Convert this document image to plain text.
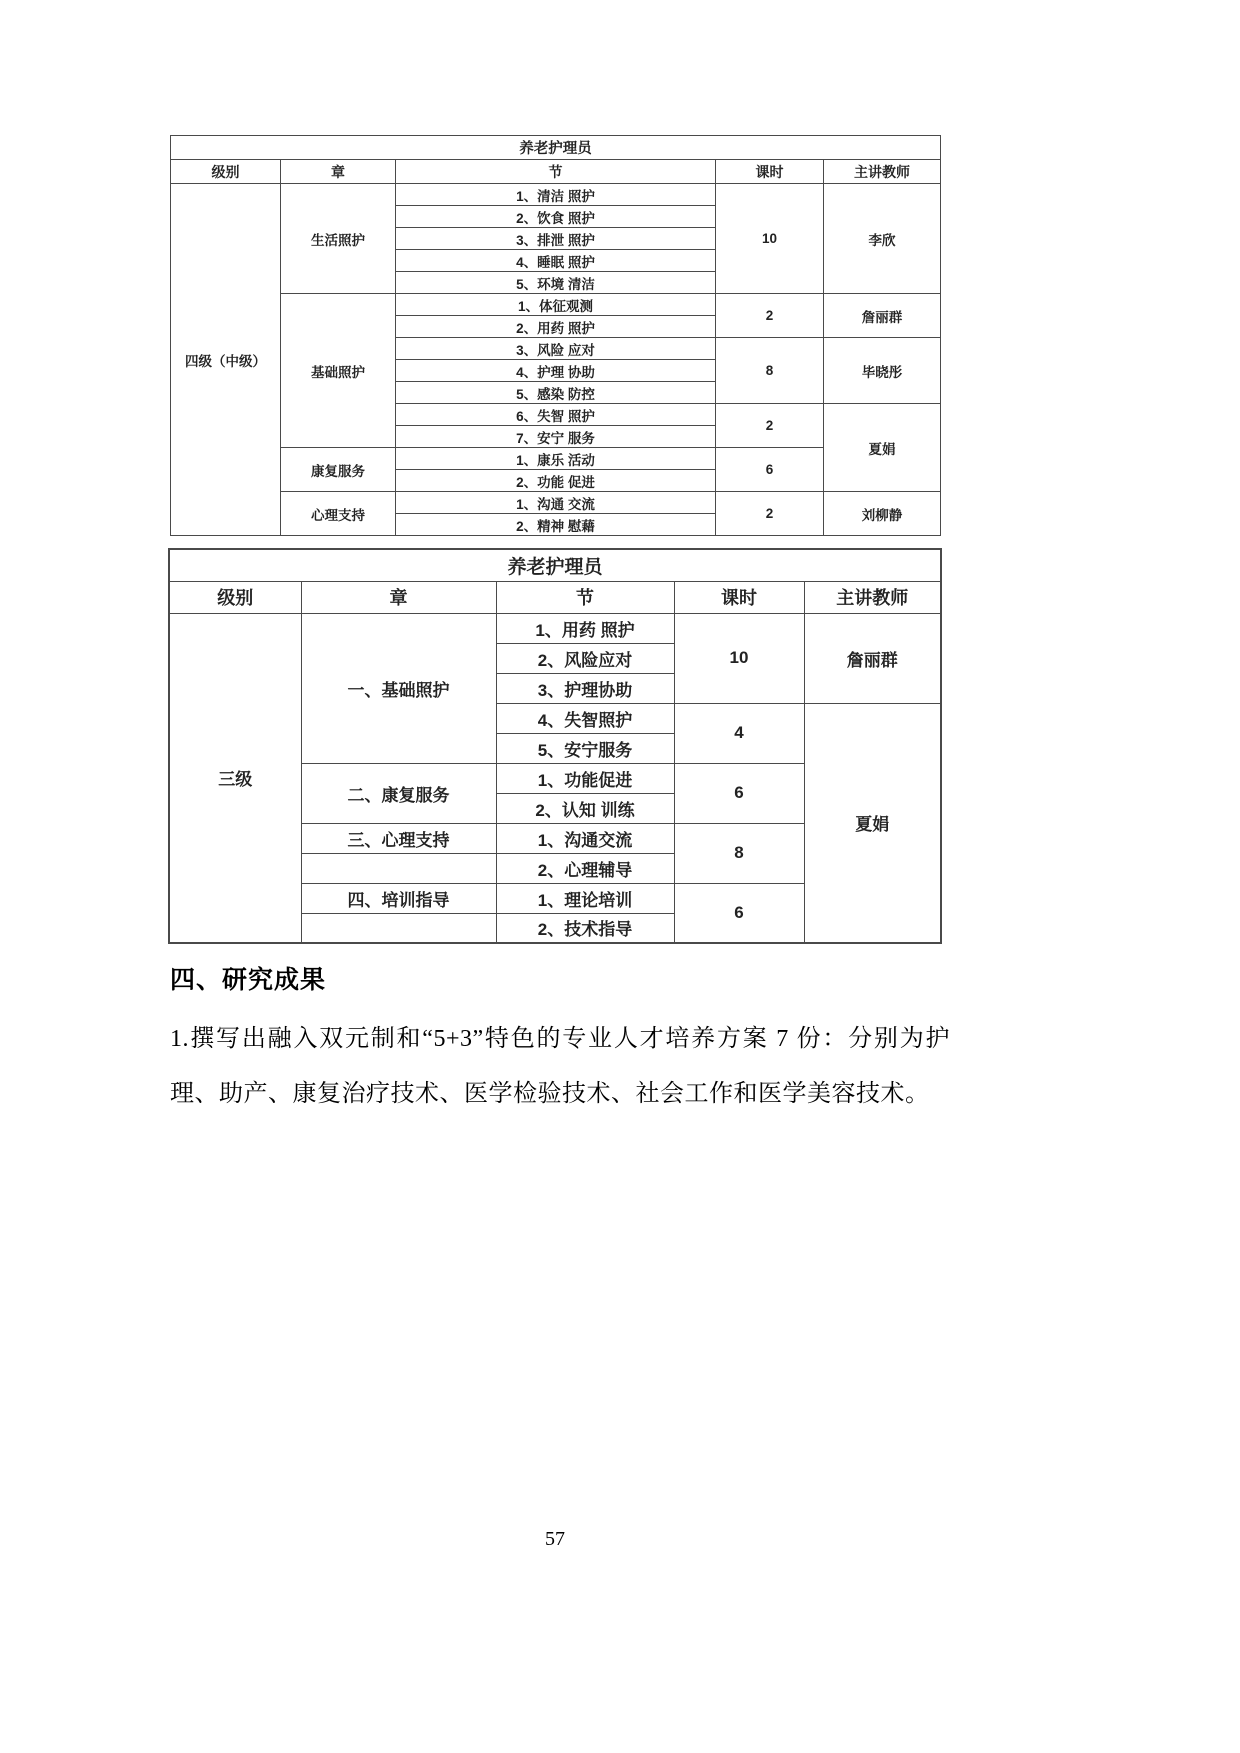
养老护理员				
级别	章	节	课时	主讲教师
四级（中级）	生活照护	1、清洁 照护	10	李欣
		2、饮食 照护		
		3、排泄 照护		
		4、睡眠 照护		
		5、环境 清洁		
	基础照护	1、体征观测	2	詹丽群
		2、用药 照护		
		3、风险 应对	8	毕晓彤
		4、护理 协助		
		5、感染 防控		
		6、失智 照护	2	夏娟
		7、安宁 服务		
	康复服务	1、康乐 活动	6	
		2、功能 促进		
	心理支持	1、沟通 交流	2	刘柳静
		2、精神 慰藉		
养老护理员				
级别	章	节	课时	主讲教师
三级	一、基础照护	1、用药 照护	10	詹丽群
		2、风险应对		
		3、护理协助		
		4、失智照护	4	夏娟
		5、安宁服务		
	二、康复服务	1、功能促进	6	
		2、认知 训练		
	三、心理支持	1、沟通交流	8	
		2、心理辅导		
	四、培训指导	1、理论培训	6	
		2、技术指导		
四、研究成果
1.撰写出融入双元制和“5+3”特色的专业人才培养方案 7 份：分别为护理、助产、康复治疗技术、医学检验技术、社会工作和医学美容技术。
57
